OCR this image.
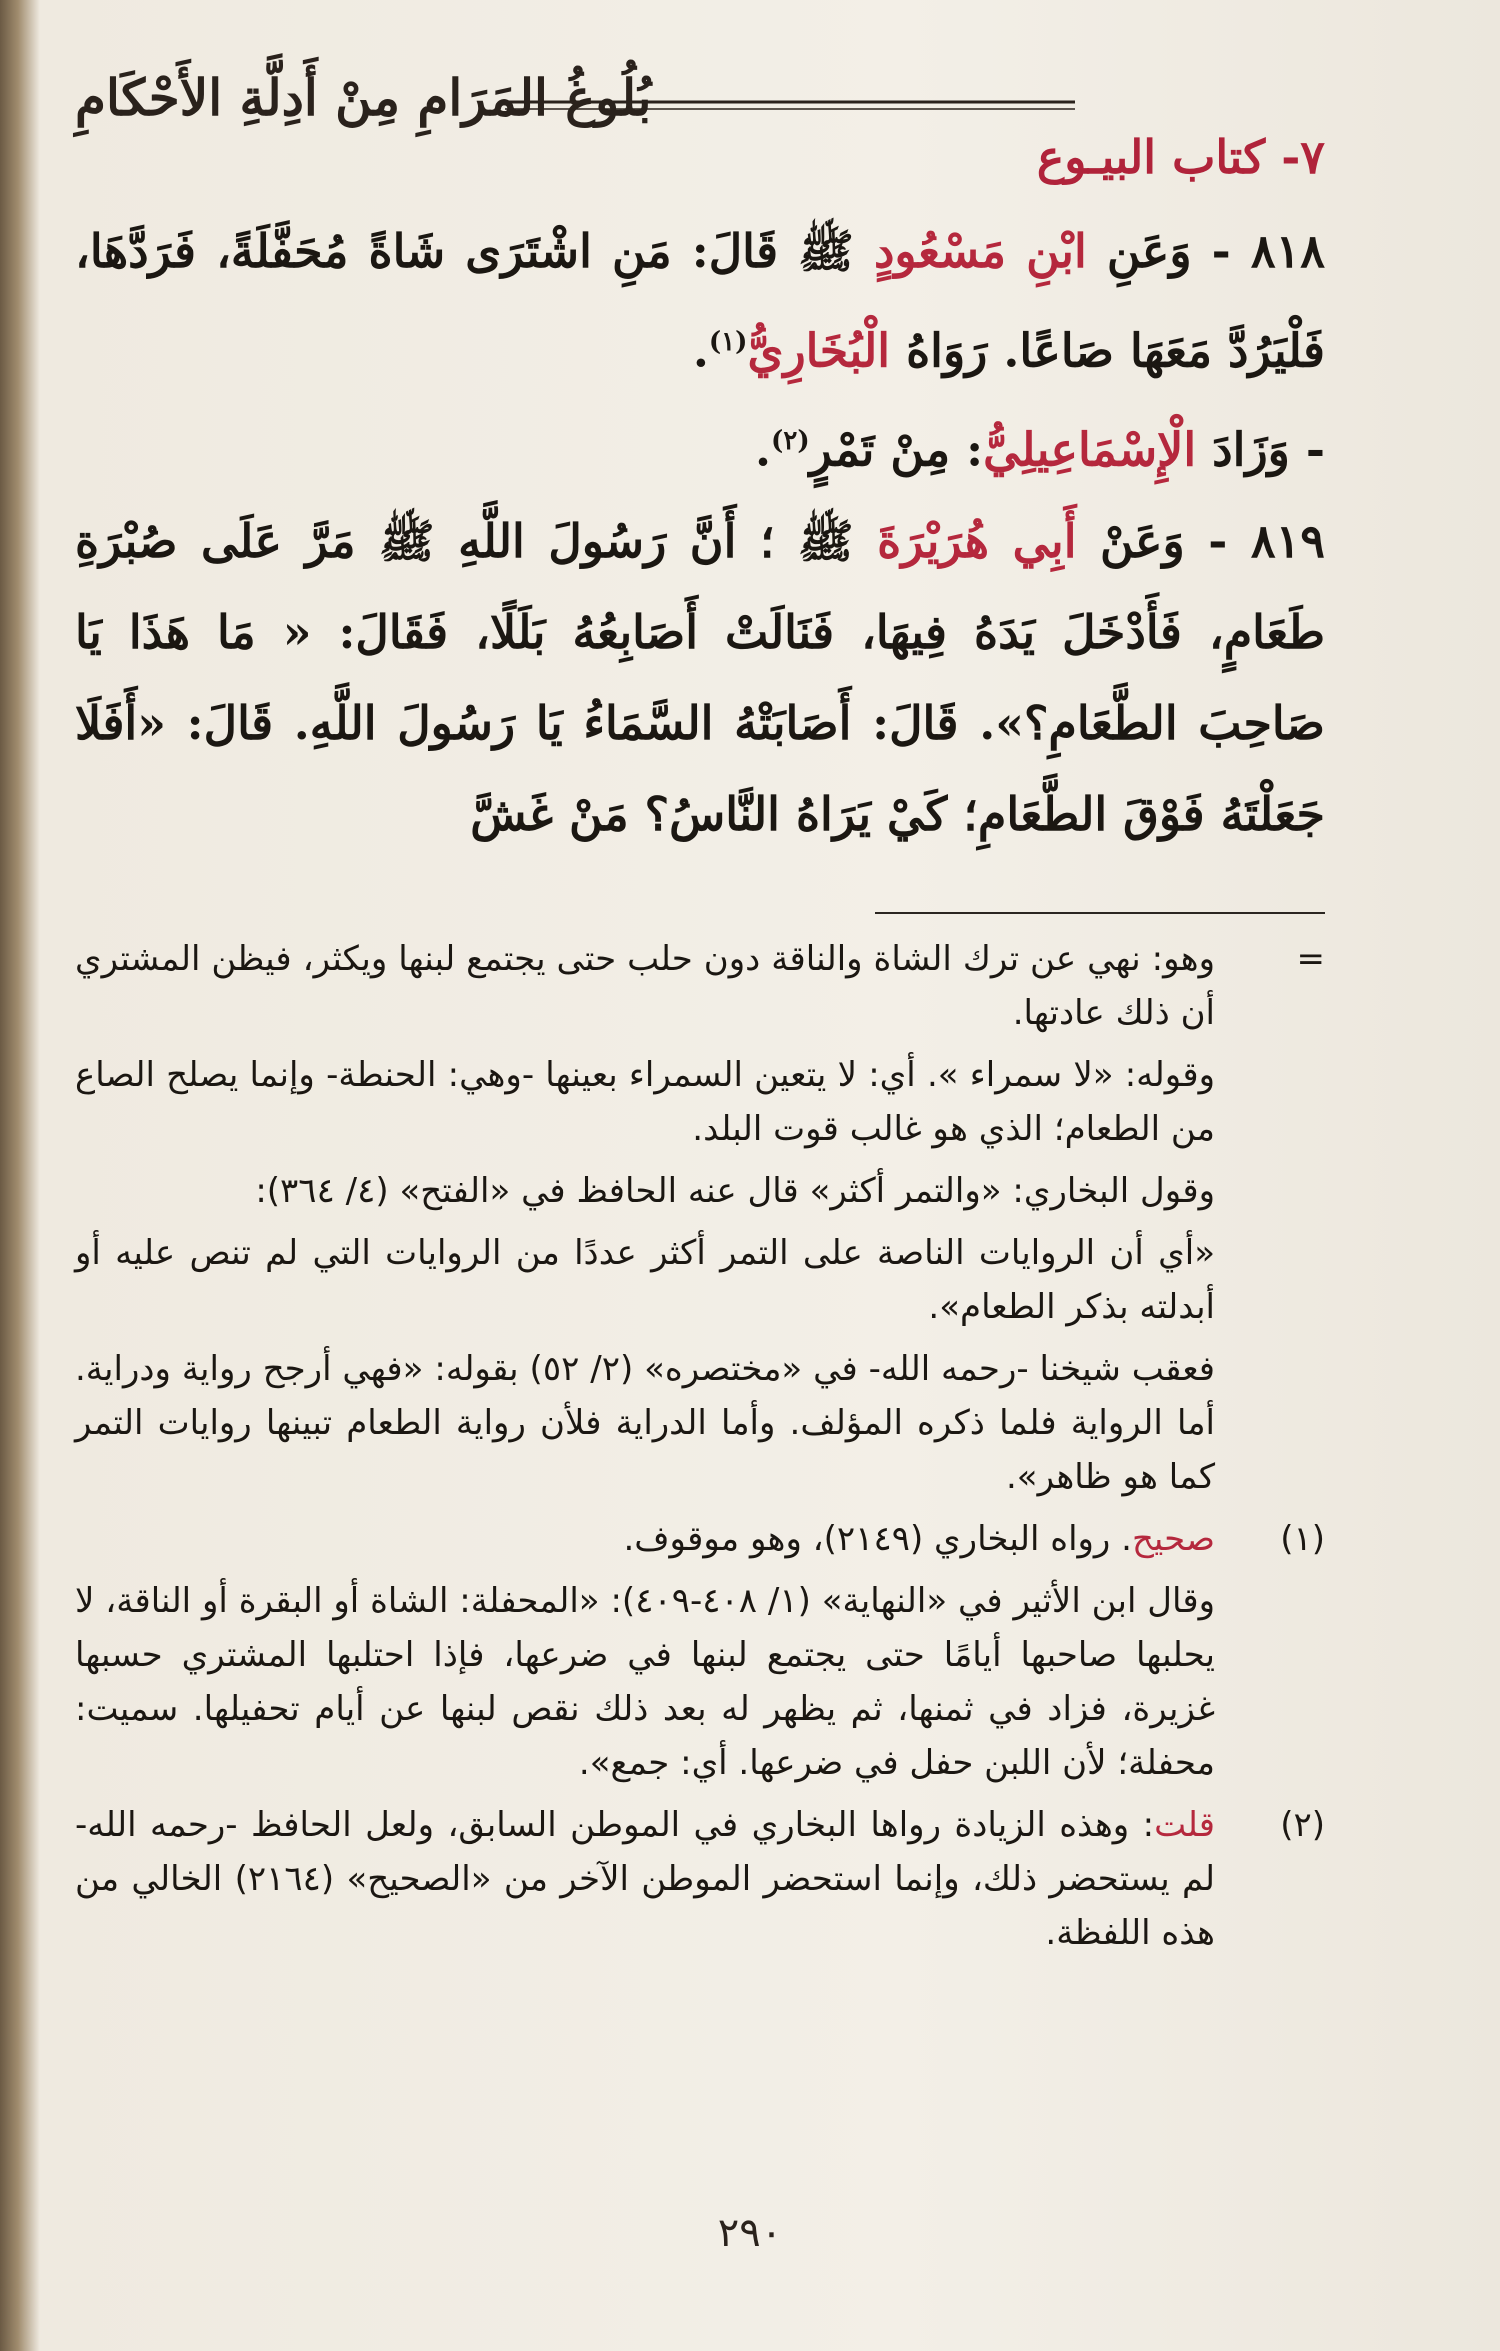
بُلُوغُ المَرَامِ مِنْ أَدِلَّةِ الأَحْكَامِ
٧- كتاب البيـوع

٨١٨ - وَعَنِ ابْنِ مَسْعُودٍ ﷺ قَالَ: مَنِ اشْتَرَى شَاةً مُحَفَّلَةً، فَرَدَّهَا، فَلْيَرُدَّ مَعَهَا صَاعًا. رَوَاهُ الْبُخَارِيُّ$^{(١)}$.

- وَزَادَ الْإِسْمَاعِيلِيُّ: مِنْ تَمْرٍ$^{(٢)}$.

٨١٩ - وَعَنْ أَبِي هُرَيْرَةَ ﷺ ؛ أَنَّ رَسُولَ اللَّهِ ﷺ مَرَّ عَلَى صُبْرَةِ طَعَامٍ، فَأَدْخَلَ يَدَهُ فِيهَا، فَنَالَتْ أَصَابِعُهُ بَلَلًا، فَقَالَ: « مَا هَذَا يَا صَاحِبَ الطَّعَامِ؟». قَالَ: أَصَابَتْهُ السَّمَاءُ يَا رَسُولَ اللَّهِ. قَالَ: «أَفَلَا جَعَلْتَهُ فَوْقَ الطَّعَامِ؛ كَيْ يَرَاهُ النَّاسُ؟ مَنْ غَشَّ

=

وهو: نهي عن ترك الشاة والناقة دون حلب حتى يجتمع لبنها ويكثر، فيظن المشتري أن ذلك عادتها.

وقوله: «لا سمراء ». أي: لا يتعين السمراء بعينها -وهي: الحنطة- وإنما يصلح الصاع من الطعام؛ الذي هو غالب قوت البلد.

وقول البخاري: «والتمر أكثر» قال عنه الحافظ في «الفتح» (٤/ ٣٦٤):

«أي أن الروايات الناصة على التمر أكثر عددًا من الروايات التي لم تنص عليه أو أبدلته بذكر الطعام».

فعقب شيخنا -رحمه الله- في «مختصره» (٢/ ٥٢) بقوله: «فهي أرجح رواية ودراية. أما الرواية فلما ذكره المؤلف. وأما الدراية فلأن رواية الطعام تبينها روايات التمر كما هو ظاهر».

(١)

صحيح. رواه البخاري (٢١٤٩)، وهو موقوف.

وقال ابن الأثير في «النهاية» (١/ ٤٠٨-٤٠٩): «المحفلة: الشاة أو البقرة أو الناقة، لا يحلبها صاحبها أيامًا حتى يجتمع لبنها في ضرعها، فإذا احتلبها المشتري حسبها غزيرة، فزاد في ثمنها، ثم يظهر له بعد ذلك نقص لبنها عن أيام تحفيلها. سميت: محفلة؛ لأن اللبن حفل في ضرعها. أي: جمع».

(٢)

قلت: وهذه الزيادة رواها البخاري في الموطن السابق، ولعل الحافظ -رحمه الله- لم يستحضر ذلك، وإنما استحضر الموطن الآخر من «الصحيح» (٢١٦٤) الخالي من هذه اللفظة.

٢٩٠
